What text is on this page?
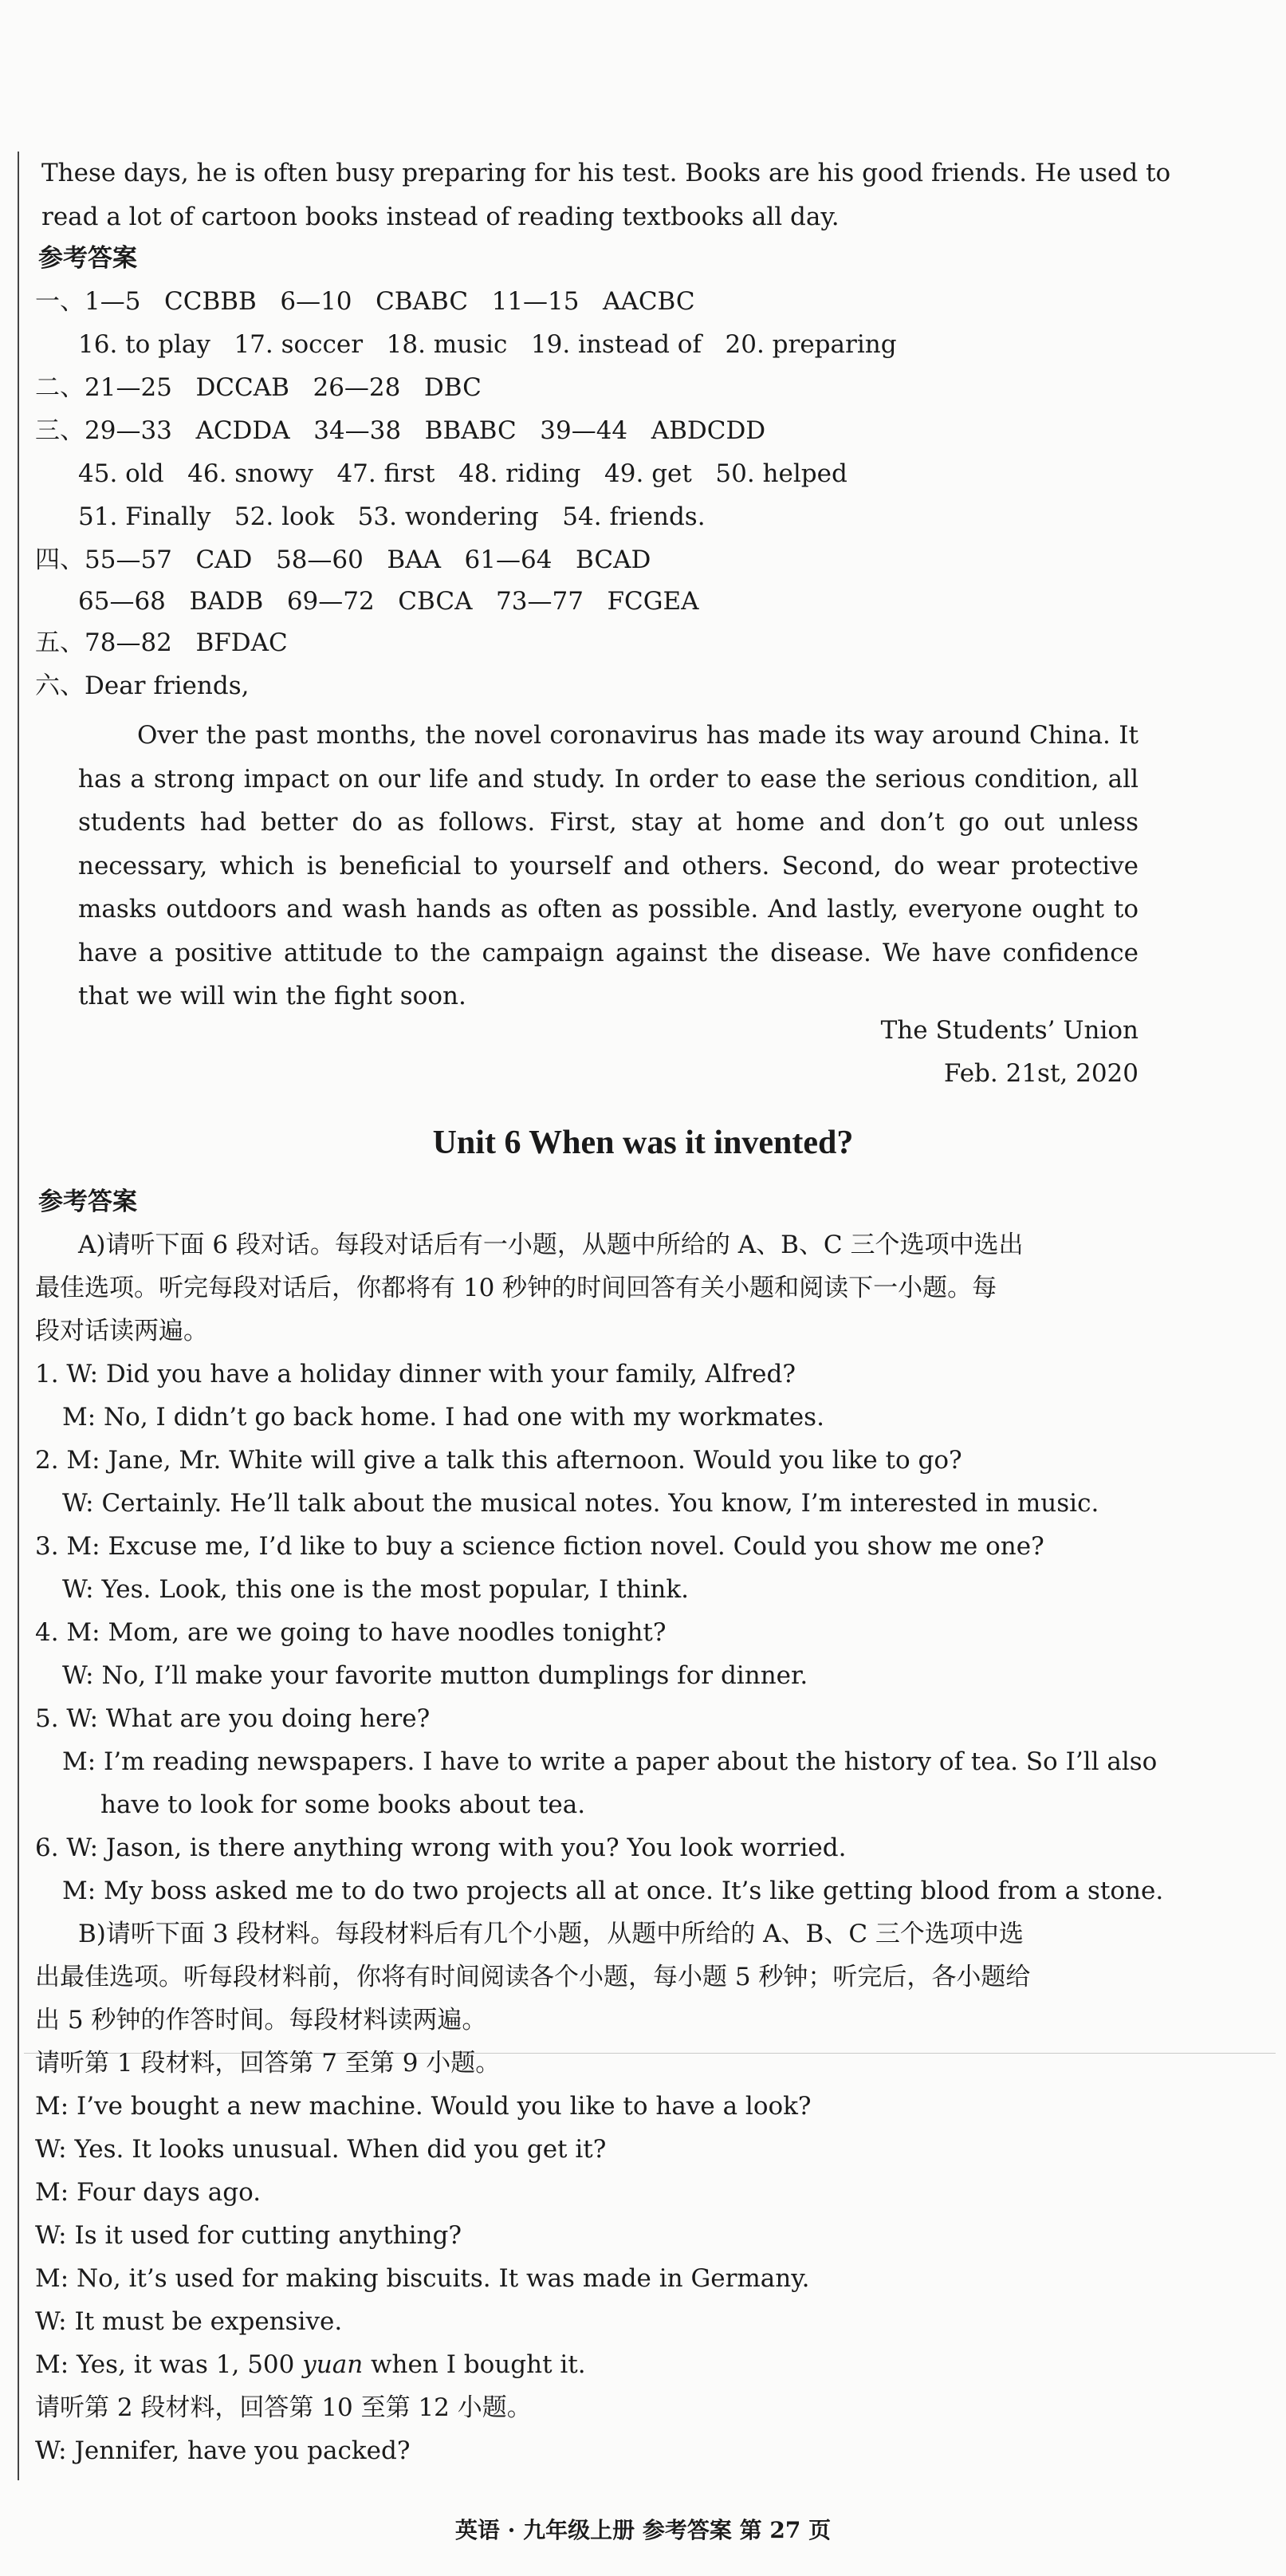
These days, he is often busy preparing for his test. Books are his good friends. He used to
read a lot of cartoon books instead of reading textbooks all day.
参考答案
一、1—5   CCBBB   6—10   CBABC   11—15   AACBC
16. to play   17. soccer   18. music   19. instead of   20. preparing
二、21—25   DCCAB   26—28   DBC
三、29—33   ACDDA   34—38   BBABC   39—44   ABDCDD
45. old   46. snowy   47. first   48. riding   49. get   50. helped
51. Finally   52. look   53. wondering   54. friends.
四、55—57   CAD   58—60   BAA   61—64   BCAD
65—68   BADB   69—72   CBCA   73—77   FCGEA
五、78—82   BFDAC
六、Dear friends,
Over the past months, the novel coronavirus has made its way around China. It has a strong impact on our life and study. In order to ease the serious condition, all students had better do as follows. First, stay at home and don’t go out unless necessary, which is beneficial to yourself and others. Second, do wear protective masks outdoors and wash hands as often as possible. And lastly, everyone ought to have a positive attitude to the campaign against the disease. We have confidence that we will win the fight soon.
The Students’ Union
Feb. 21st, 2020
Unit 6 When was it invented?
参考答案
A)请听下面 6 段对话。每段对话后有一小题，从题中所给的 A、B、C 三个选项中选出
最佳选项。听完每段对话后，你都将有 10 秒钟的时间回答有关小题和阅读下一小题。每
段对话读两遍。
1. W: Did you have a holiday dinner with your family, Alfred?
M: No, I didn’t go back home. I had one with my workmates.
2. M: Jane, Mr. White will give a talk this afternoon. Would you like to go?
W: Certainly. He’ll talk about the musical notes. You know, I’m interested in music.
3. M: Excuse me, I’d like to buy a science fiction novel. Could you show me one?
W: Yes. Look, this one is the most popular, I think.
4. M: Mom, are we going to have noodles tonight?
W: No, I’ll make your favorite mutton dumplings for dinner.
5. W: What are you doing here?
M: I’m reading newspapers. I have to write a paper about the history of tea. So I’ll also
have to look for some books about tea.
6. W: Jason, is there anything wrong with you? You look worried.
M: My boss asked me to do two projects all at once. It’s like getting blood from a stone.
B)请听下面 3 段材料。每段材料后有几个小题，从题中所给的 A、B、C 三个选项中选
出最佳选项。听每段材料前，你将有时间阅读各个小题，每小题 5 秒钟；听完后，各小题给
出 5 秒钟的作答时间。每段材料读两遍。
请听第 1 段材料，回答第 7 至第 9 小题。
M: I’ve bought a new machine. Would you like to have a look?
W: Yes. It looks unusual. When did you get it?
M: Four days ago.
W: Is it used for cutting anything?
M: No, it’s used for making biscuits. It was made in Germany.
W: It must be expensive.
M: Yes, it was 1, 500 yuan when I bought it.
请听第 2 段材料，回答第 10 至第 12 小题。
W: Jennifer, have you packed?
英语 · 九年级上册 参考答案 第 27 页
